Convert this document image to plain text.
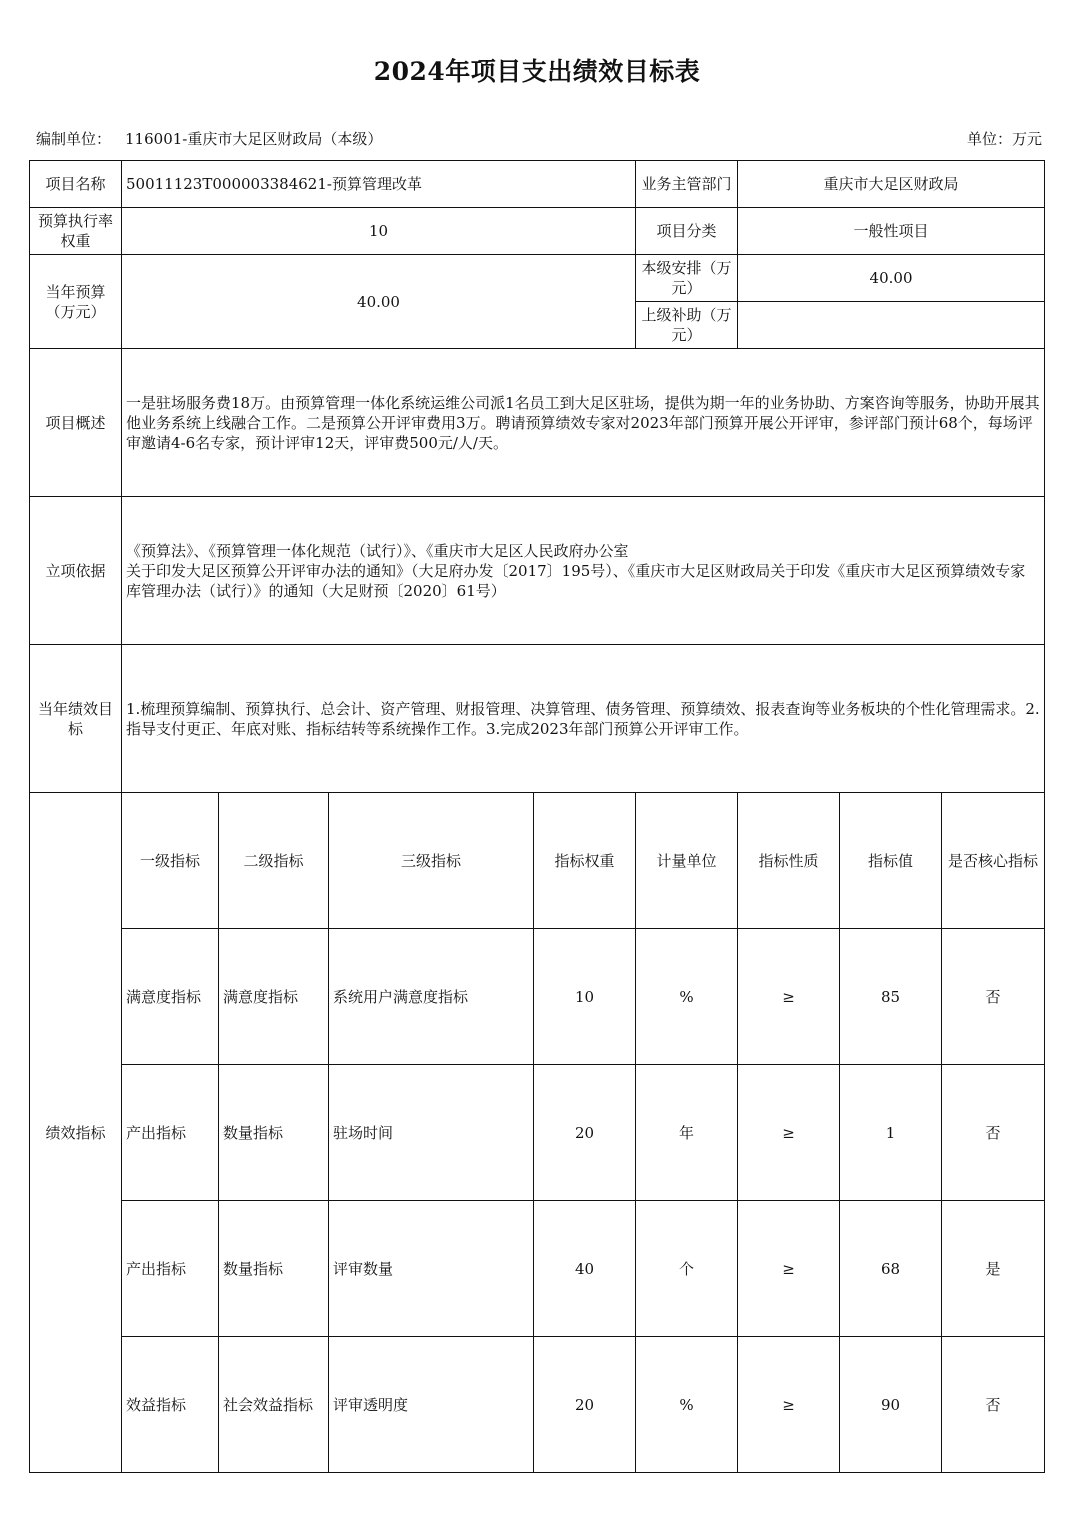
2024年项目支出绩效目标表
编制单位： 116001-重庆市大足区财政局（本级）	单位：万元
项目名称	50011123T000003384621-预算管理改革				业务主管部门	重庆市大足区财政局		
预算执行率权重	10				项目分类	一般性项目		
当年预算（万元）	40.00				本级安排（万元）	40.00		
					上级补助（万元）			
项目概述	一是驻场服务费18万。由预算管理一体化系统运维公司派1名员工到大足区驻场，提供为期一年的业务协助、方案咨询等服务，协助开展其他业务系统上线融合工作。二是预算公开评审费用3万。聘请预算绩效专家对2023年部门预算开展公开评审，参评部门预计68个，每场评审邀请4-6名专家，预计评审12天，评审费500元/人/天。							
立项依据	《预算法》、《预算管理一体化规范（试行）》、《重庆市大足区人民政府办公室
关于印发大足区预算公开评审办法的通知》（大足府办发〔2017〕195号）、《重庆市大足区财政局关于印发《重庆市大足区预算绩效专家库管理办法（试行）》的通知（大足财预〔2020〕61号）							

当年绩效目标	1.梳理预算编制、预算执行、总会计、资产管理、财报管理、决算管理、债务管理、预算绩效、报表查询等业务板块的个性化管理需求。2.指导支付更正、年底对账、指标结转等系统操作工作。3.完成2023年部门预算公开评审工作。							
绩效指标	一级指标	二级指标	三级指标	指标权重	计量单位	指标性质	指标值	是否核心指标
	满意度指标	满意度指标	系统用户满意度指标	10	%	≥	85	否
	产出指标	数量指标	驻场时间	20	年	≥	1	否
	产出指标	数量指标	评审数量	40	个	≥	68	是
	效益指标	社会效益指标	评审透明度	20	%	≥	90	否
